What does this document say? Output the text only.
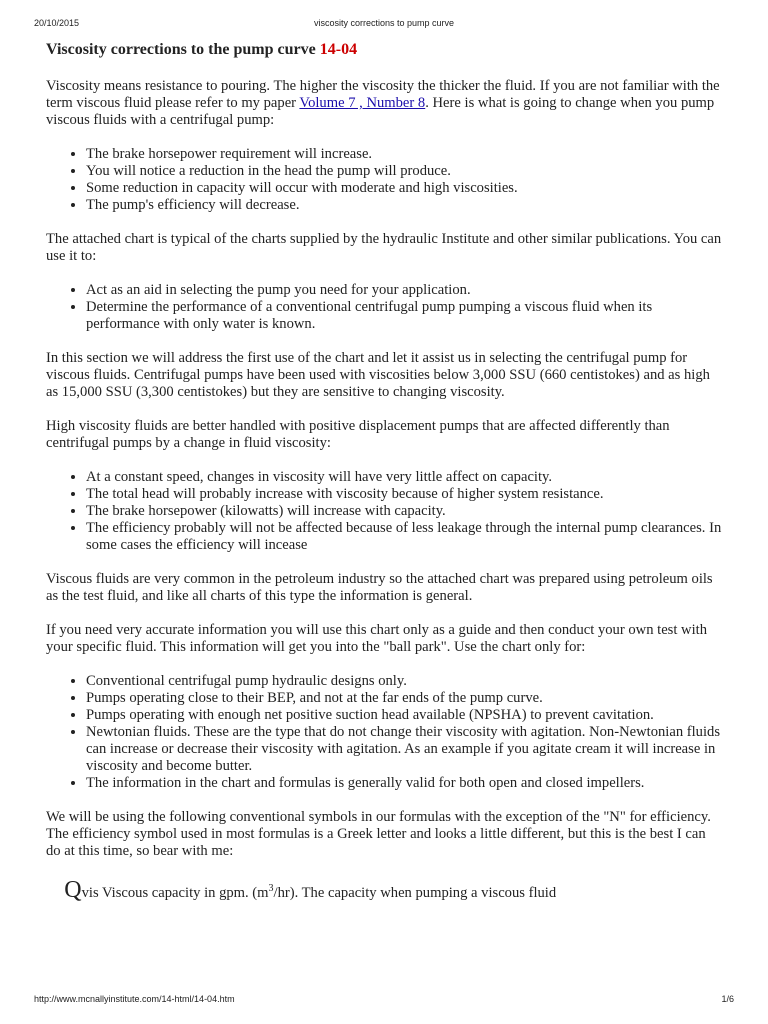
20/10/2015	viscosity corrections to pump curve
Viscosity corrections to the pump curve 14-04

Viscosity means resistance to pouring. The higher the viscosity the thicker the fluid. If you are not familiar with the term viscous fluid please refer to my paper Volume 7 , Number 8. Here is what is going to change when you pump viscous fluids with a centrifugal pump:

• The brake horsepower requirement will increase.
• You will notice a reduction in the head the pump will produce.
• Some reduction in capacity will occur with moderate and high viscosities.
• The pump's efficiency will decrease.

The attached chart is typical of the charts supplied by the hydraulic Institute and other similar publications. You can use it to:

• Act as an aid in selecting the pump you need for your application.
• Determine the performance of a conventional centrifugal pump pumping a viscous fluid when its performance with only water is known.

In this section we will address the first use of the chart and let it assist us in selecting the centrifugal pump for viscous fluids. Centrifugal pumps have been used with viscosities below 3,000 SSU (660 centistokes) and as high as 15,000 SSU (3,300 centistokes) but they are sensitive to changing viscosity.

High viscosity fluids are better handled with positive displacement pumps that are affected differently than centrifugal pumps by a change in fluid viscosity:

• At a constant speed, changes in viscosity will have very little affect on capacity.
• The total head will probably increase with viscosity because of higher system resistance.
• The brake horsepower (kilowatts) will increase with capacity.
• The efficiency probably will not be affected because of less leakage through the internal pump clearances. In some cases the efficiency will incease

Viscous fluids are very common in the petroleum industry so the attached chart was prepared using petroleum oils as the test fluid, and like all charts of this type the information is general.

If you need very accurate information you will use this chart only as a guide and then conduct your own test with your specific fluid. This information will get you into the "ball park". Use the chart only for:

• Conventional centrifugal pump hydraulic designs only.
• Pumps operating close to their BEP, and not at the far ends of the pump curve.
• Pumps operating with enough net positive suction head available (NPSHA) to prevent cavitation.
• Newtonian fluids. These are the type that do not change their viscosity with agitation. Non-Newtonian fluids can increase or decrease their viscosity with agitation. As an example if you agitate cream it will increase in viscosity and become butter.
• The information in the chart and formulas is generally valid for both open and closed impellers.

We will be using the following conventional symbols in our formulas with the exception of the "N" for efficiency. The efficiency symbol used in most formulas is a Greek letter and looks a little different, but this is the best I can do at this time, so bear with me:

Qvis Viscous capacity in gpm. $(m^3/hr)$. The capacity when pumping a viscous fluid

http://www.mcnallyinstitute.com/14-html/14-04.htm	1/6
